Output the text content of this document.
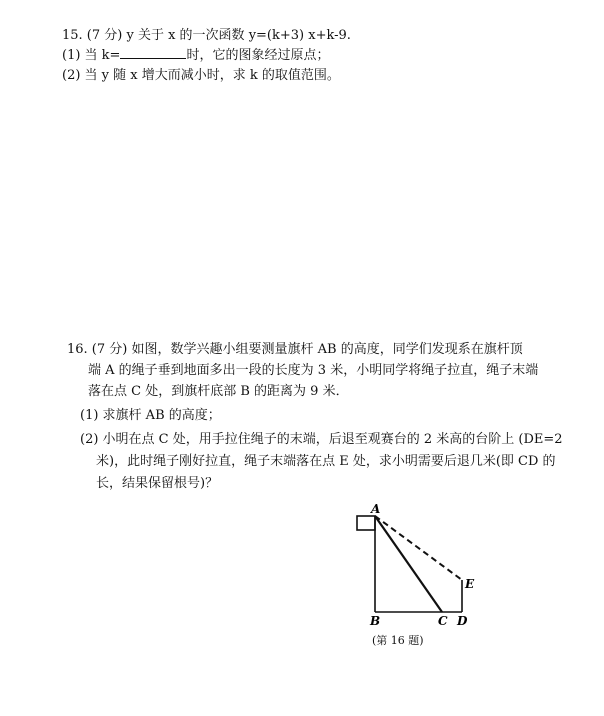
15. (7 分) y 关于 x 的一次函数 y=(k+3) x+k-9.
(1) 当 k=	时，它的图象经过原点；
(2) 当 y 随 x 增大而减小时，求 k 的取值范围。
16. (7 分) 如图，数学兴趣小组要测量旗杆 AB 的高度，同学们发现系在旗杆顶
端 A 的绳子垂到地面多出一段的长度为 3 米，小明同学将绳子拉直，绳子末端
落在点 C 处，到旗杆底部 B 的距离为 9 米．
(1) 求旗杆 AB 的高度；
(2) 小明在点 C 处，用手拉住绳子的末端，后退至观赛台的 2 米高的台阶上 (DE=2
米)，此时绳子刚好拉直，绳子末端落在点 E 处，求小明需要后退几米(即 CD 的
长，结果保留根号)？
A
B	C D
E
(第 16 题)
